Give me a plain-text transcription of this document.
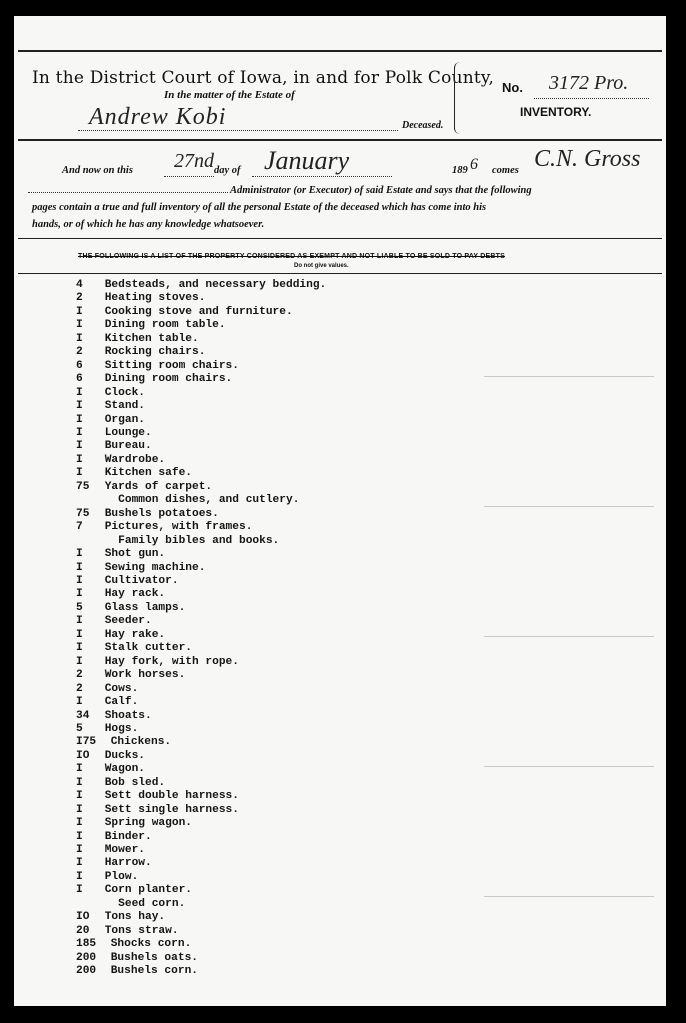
In the District Court of Iowa, in and for Polk County,
In the matter of the Estate of
Andrew Kobi	Deceased.
No. 3172 Pro.
INVENTORY.
And now on this 27nd day of January	189 6 comes C.N. Gross
Administrator (or Executor) of said Estate and says that the following
pages contain a true and full inventory of all the personal Estate of the deceased which has come into his
hands, or of which he has any knowledge whatsoever.
THE FOLLOWING IS A LIST OF THE PROPERTY CONSIDERED AS EXEMPT AND NOT LIABLE TO BE SOLD TO PAY DEBTS
Do not give values.
4	Bedsteads, and necessary bedding.
2	Heating stoves.
I	Cooking stove and furniture.
I	Dining room table.
I	Kitchen table.
2	Rocking chairs.
6	Sitting room chairs.
6	Dining room chairs.
I	Clock.
I	Stand.
I	Organ.
I	Lounge.
I	Bureau.
I	Wardrobe.
I	Kitchen safe.
75 Yards of carpet.
Common dishes, and cutlery.
75 Bushels potatoes.
7	Pictures, with frames.
Family bibles and books.
I	Shot gun.
I	Sewing machine.
I	Cultivator.
I	Hay rack.
5	Glass lamps.
I	Seeder.
I	Hay rake.
I	Stalk cutter.
I	Hay fork, with rope.
2	Work horses.
2	Cows.
I	Calf.
34 Shoats.
5	Hogs.
I75 Chickens.
IO Ducks.
I	Wagon.
I	Bob sled.
I	Sett double harness.
I	Sett single harness.
I	Spring wagon.
I	Binder.
I	Mower.
I	Harrow.
I	Plow.
I	Corn planter.
Seed corn.
IO Tons hay.
20 Tons straw.
185 Shocks corn.
200 Bushels oats.
200 Bushels corn.
